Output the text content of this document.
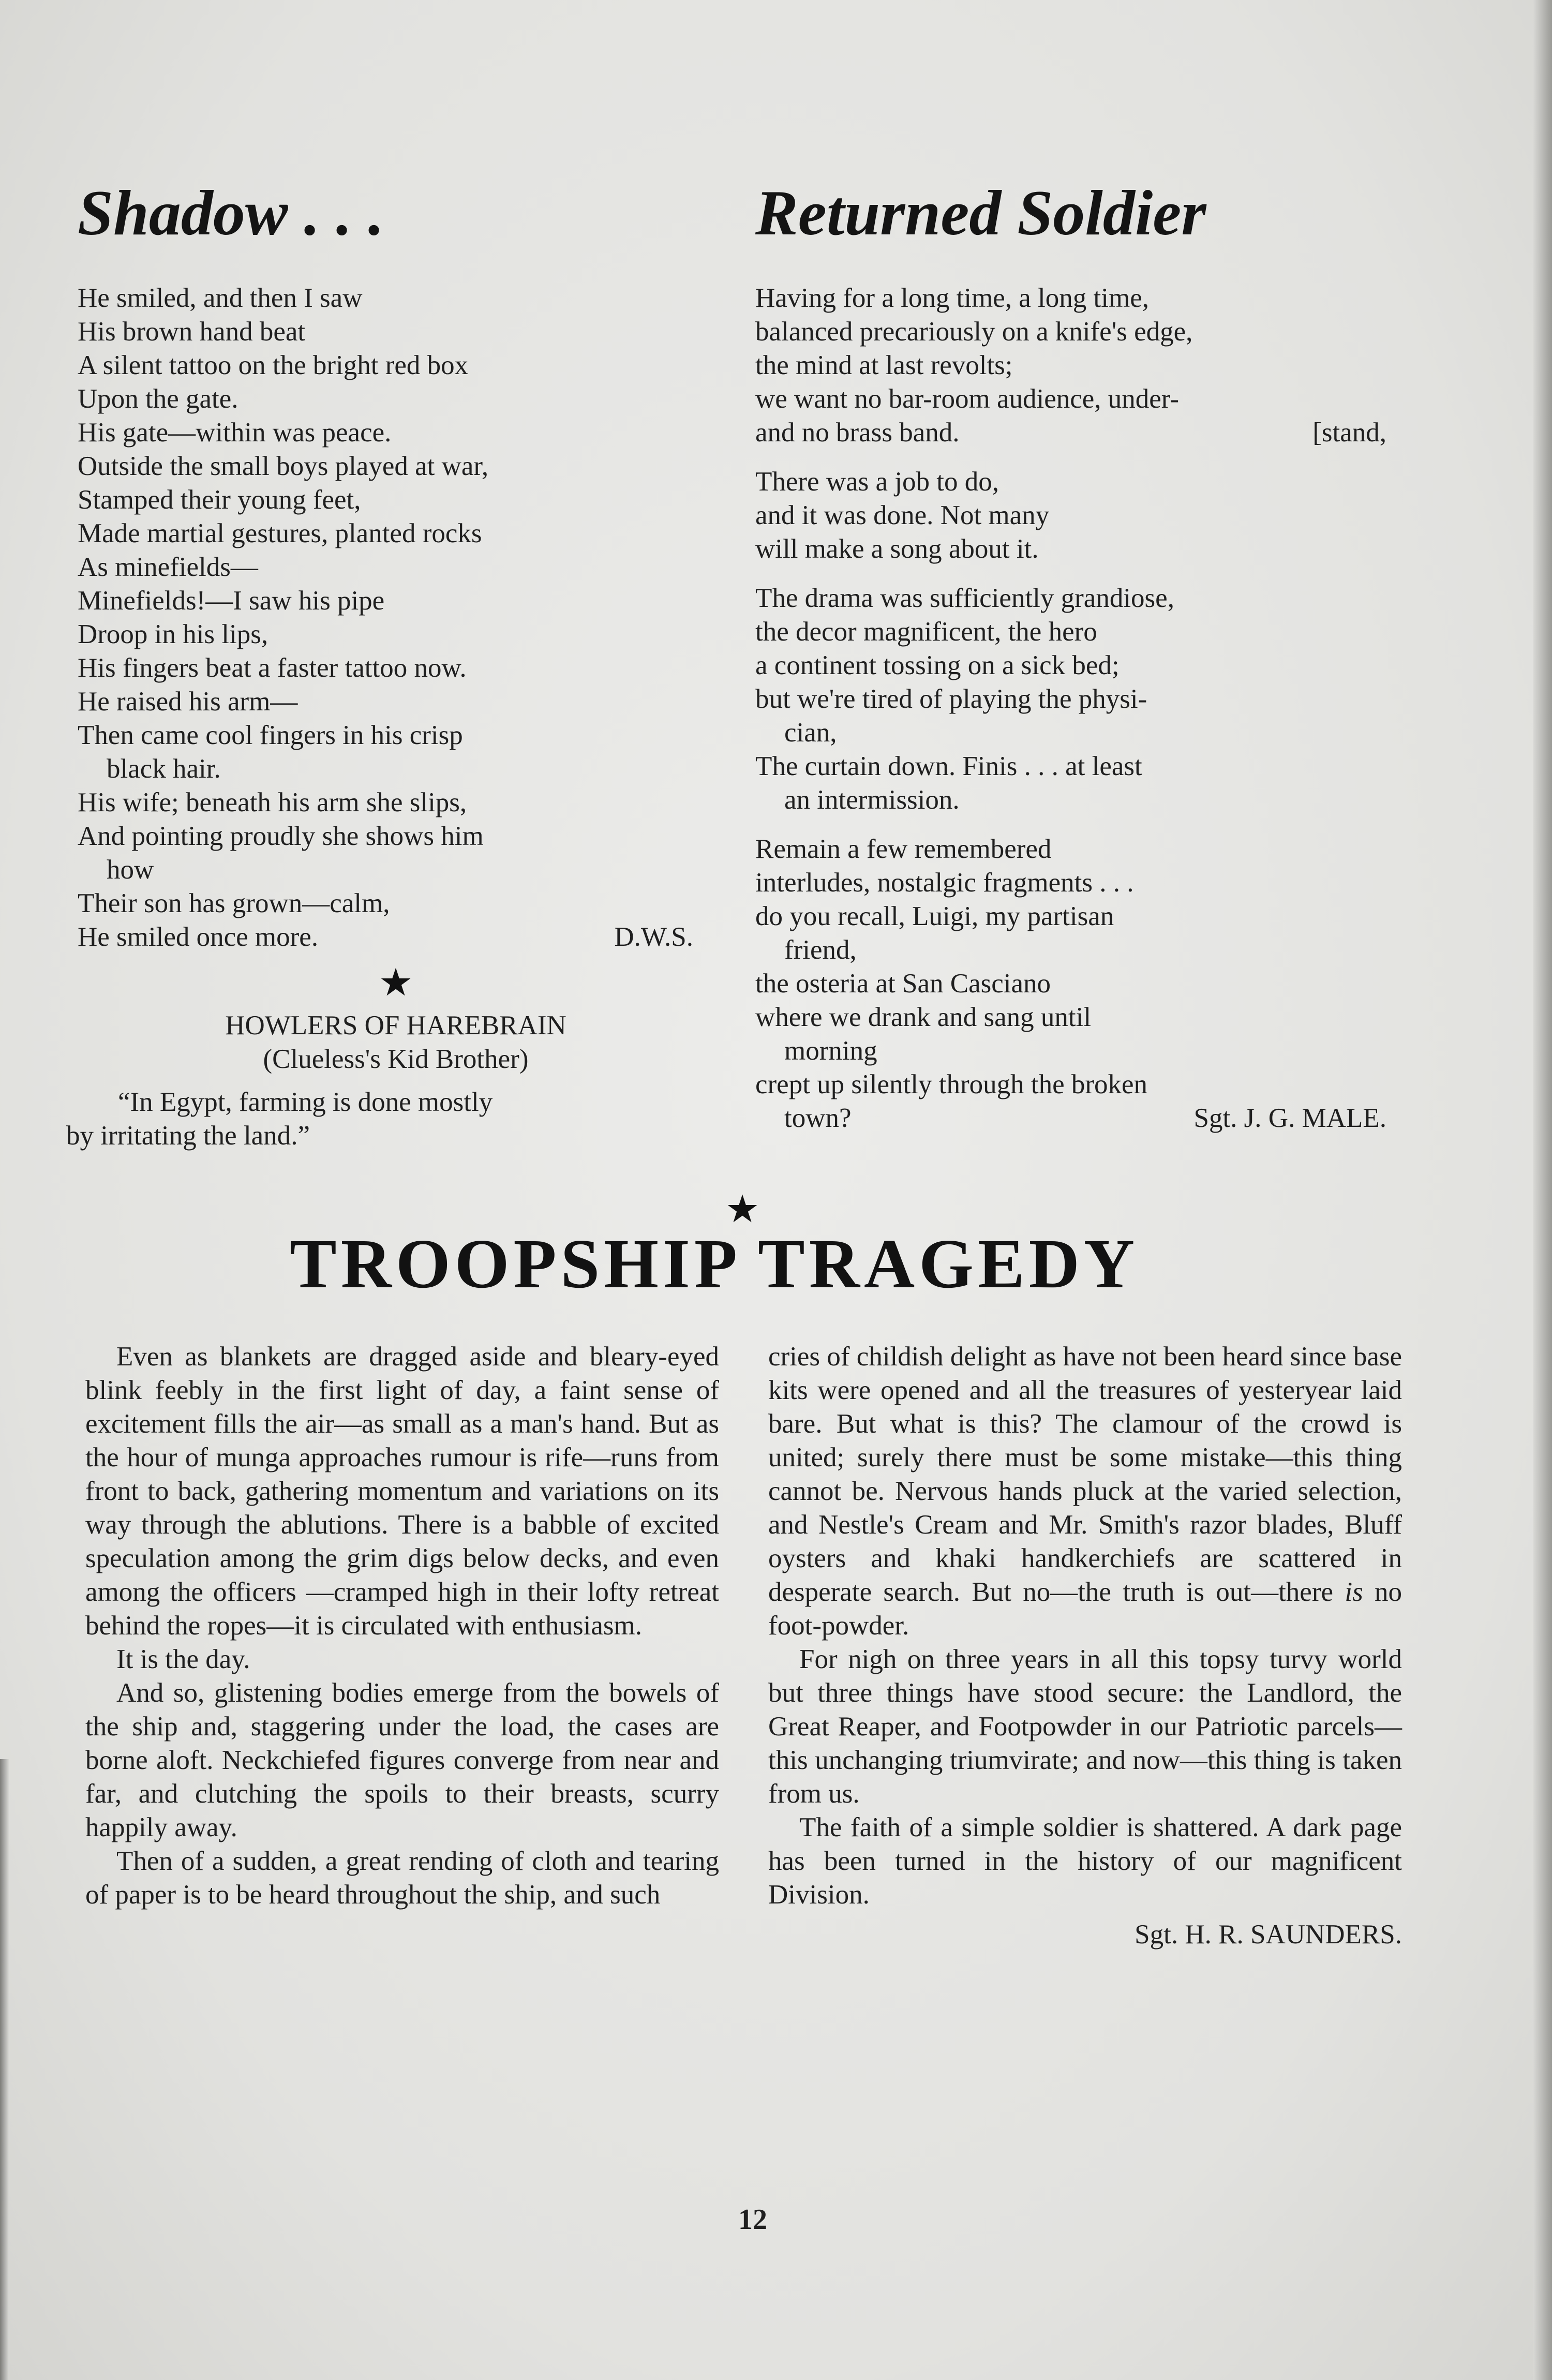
Shadow . . .
He smiled, and then I saw
His brown hand beat
A silent tattoo on the bright red box
Upon the gate.
His gate—within was peace.
Outside the small boys played at war,
Stamped their young feet,
Made martial gestures, planted rocks
As minefields—
Minefields!—I saw his pipe
Droop in his lips,
His fingers beat a faster tattoo now.
He raised his arm—
Then came cool fingers in his crisp
black hair.
His wife; beneath his arm she slips,
And pointing proudly she shows him
how
Their son has grown—calm,
He smiled once more.	D.W.S.
★
HOWLERS OF HAREBRAIN
(Clueless's Kid Brother)
“In Egypt, farming is done mostly
by irritating the land.”
Returned Soldier
Having for a long time, a long time,
balanced precariously on a knife's edge,
the mind at last revolts;
we want no bar-room audience, under-
and no brass band.	[stand,
There was a job to do,
and it was done. Not many
will make a song about it.
The drama was sufficiently grandiose,
the decor magnificent, the hero
a continent tossing on a sick bed;
but we're tired of playing the physi-
cian,
The curtain down. Finis . . . at least
an intermission.
Remain a few remembered
interludes, nostalgic fragments . . .
do you recall, Luigi, my partisan
friend,
the osteria at San Casciano
where we drank and sang until
morning
crept up silently through the broken
town?	Sgt. J. G. MALE.
★
TROOPSHIP TRAGEDY

Even as blankets are dragged aside and bleary-eyed blink feebly in the first light of day, a faint sense of excitement fills the air—as small as a man's hand. But as the hour of munga approaches rumour is rife—runs from front to back, gathering momentum and variations on its way through the ablutions. There is a babble of excited speculation among the grim digs below decks, and even among the officers —cramped high in their lofty retreat behind the ropes—it is circulated with enthusiasm.

It is the day.

And so, glistening bodies emerge from the bowels of the ship and, staggering under the load, the cases are borne aloft. Neckchiefed figures converge from near and far, and clutching the spoils to their breasts, scurry happily away.

Then of a sudden, a great rending of cloth and tearing of paper is to be heard throughout the ship, and such

cries of childish delight as have not been heard since base kits were opened and all the treasures of yesteryear laid bare. But what is this? The clamour of the crowd is united; surely there must be some mistake—this thing cannot be. Nervous hands pluck at the varied selection, and Nestle's Cream and Mr. Smith's razor blades, Bluff oysters and khaki handkerchiefs are scattered in desperate search. But no—the truth is out—there is no foot-powder.

For nigh on three years in all this topsy turvy world but three things have stood secure: the Landlord, the Great Reaper, and Footpowder in our Patriotic parcels—this unchanging triumvirate; and now—this thing is taken from us.

The faith of a simple soldier is shattered. A dark page has been turned in the history of our magnificent Division.

Sgt. H. R. SAUNDERS.
12
